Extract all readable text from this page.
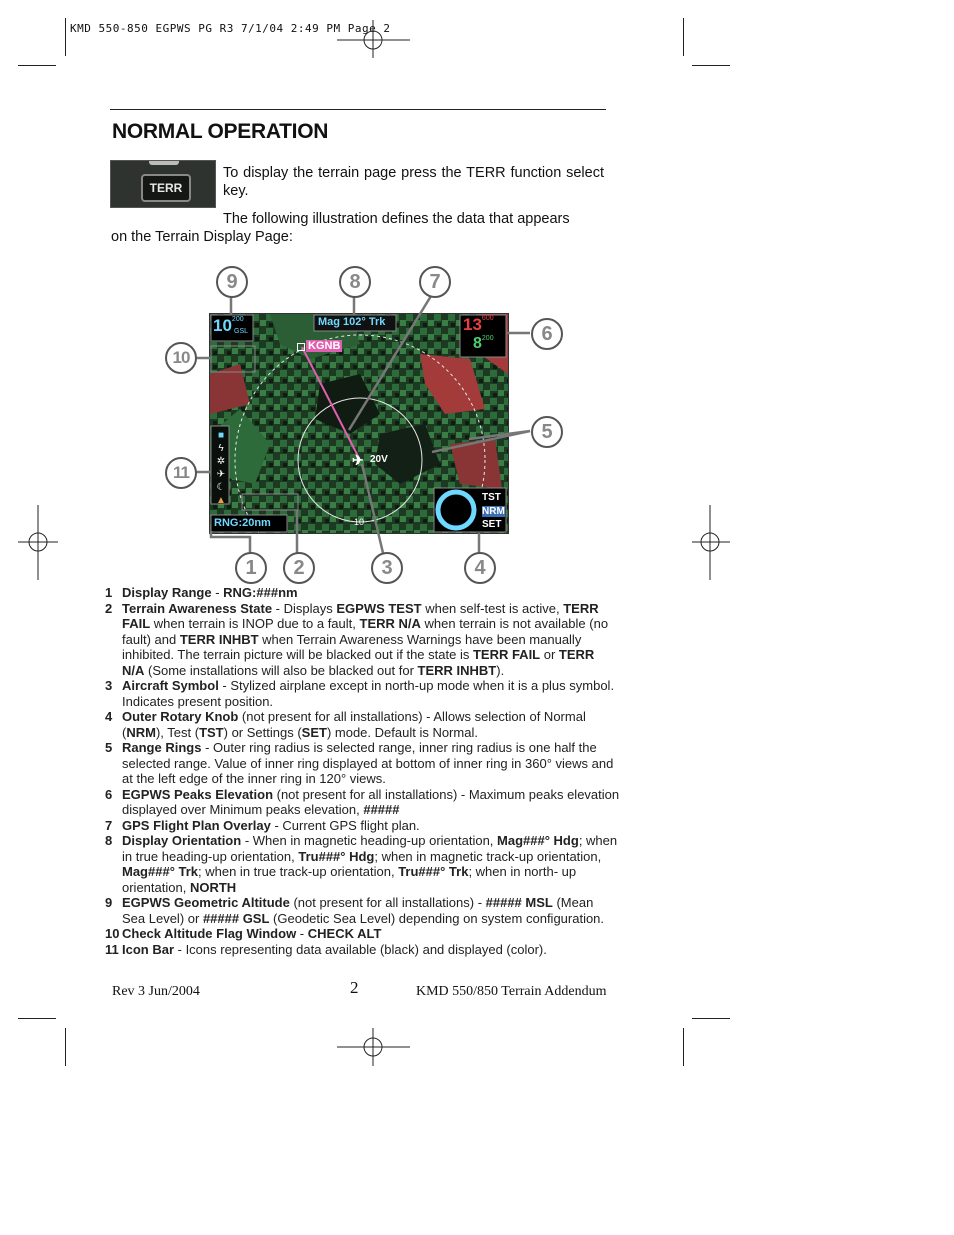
KMD 550-850 EGPWS PG R3 7/1/04 2:49 PM Page 2
NORMAL OPERATION
TERR
To display the terrain page press the TERR function select key.
The following illustration defines the data that appears
on the Terrain Display Page:
$10^{200}$
GSL
Mag 102° Trk	$13^{600}$
$8^{200}$
KGNB
✈ 20V
10
RNG:20nm
TST
NRM
SET
■
ϟ
✲
✈
☾
▲
9	8	7
6
10
5
11
1	2	3	4
1 Display Range - RNG:###nm
2 Terrain Awareness State - Displays EGPWS TEST when self-test is active, TERR FAIL when terrain is INOP due to a fault, TERR N/A when terrain is not available (no fault) and TERR INHBT when Terrain Awareness Warnings have been manually inhibited. The terrain picture will be blacked out if the state is TERR FAIL or TERR N/A (Some installations will also be blacked out for TERR INHBT).
3 Aircraft Symbol - Stylized airplane except in north-up mode when it is a plus symbol. Indicates present position.
4 Outer Rotary Knob (not present for all installations) - Allows selection of Normal (NRM), Test (TST) or Settings (SET) mode. Default is Normal.
5 Range Rings - Outer ring radius is selected range, inner ring radius is one half the selected range. Value of inner ring displayed at bottom of inner ring in 360° views and at the left edge of the inner ring in 120° views.
6 EGPWS Peaks Elevation (not present for all installations) - Maximum peaks elevation displayed over Minimum peaks elevation, #####
7 GPS Flight Plan Overlay - Current GPS flight plan.
8 Display Orientation - When in magnetic heading-up orientation, Mag###° Hdg; when in true heading-up orientation, Tru###° Hdg; when in magnetic track-up orientation, Mag###° Trk; when in true track-up orientation, Tru###° Trk; when in north- up orientation, NORTH
9 EGPWS Geometric Altitude (not present for all installations) - ##### MSL (Mean Sea Level) or ##### GSL (Geodetic Sea Level) depending on system configuration.
10 Check Altitude Flag Window - CHECK ALT
11 Icon Bar - Icons representing data available (black) and displayed (color).
Rev 3 Jun/2004	2	KMD 550/850 Terrain Addendum
